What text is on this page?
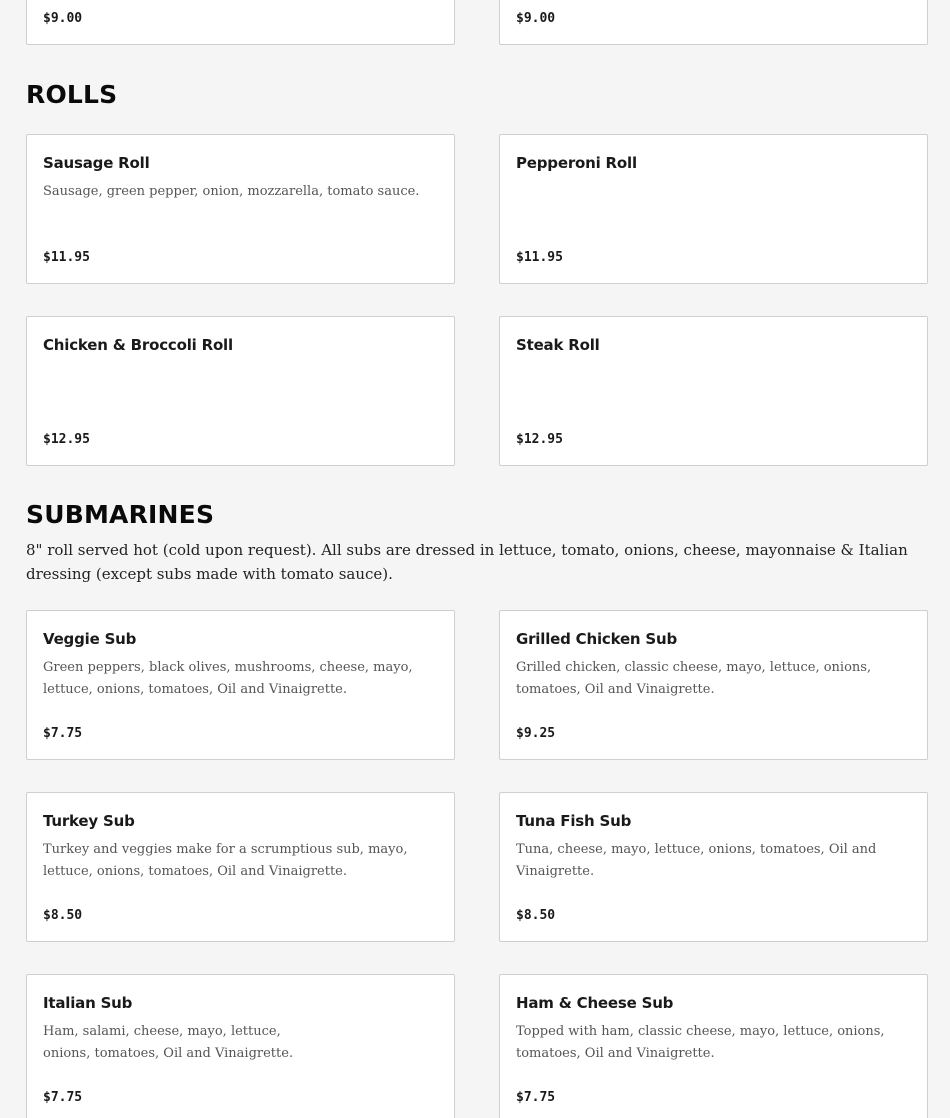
$9.00	$9.00
ROLLS
Sausage Roll
Sausage, green pepper, onion, mozzarella, tomato sauce.
$11.95
Pepperoni Roll
$11.95
Chicken & Broccoli Roll
$12.95
Steak Roll
$12.95
SUBMARINES
8" roll served hot (cold upon request). All subs are dressed in lettuce, tomato, onions, cheese, mayonnaise & Italian dressing (except subs made with tomato sauce).
Veggie Sub
Green peppers, black olives, mushrooms, cheese, mayo, lettuce, onions, tomatoes, Oil and Vinaigrette.
$7.75
Grilled Chicken Sub
Grilled chicken, classic cheese, mayo, lettuce, onions, tomatoes, Oil and Vinaigrette.
$9.25
Turkey Sub
Turkey and veggies make for a scrumptious sub, mayo, lettuce, onions, tomatoes, Oil and Vinaigrette.
$8.50
Tuna Fish Sub
Tuna, cheese, mayo, lettuce, onions, tomatoes, Oil and Vinaigrette.
$8.50
Italian Sub
Ham, salami, cheese, mayo, lettuce, onions, tomatoes, Oil and Vinaigrette.
$7.75
Ham & Cheese Sub
Topped with ham, classic cheese, mayo, lettuce, onions, tomatoes, Oil and Vinaigrette.
$7.75
